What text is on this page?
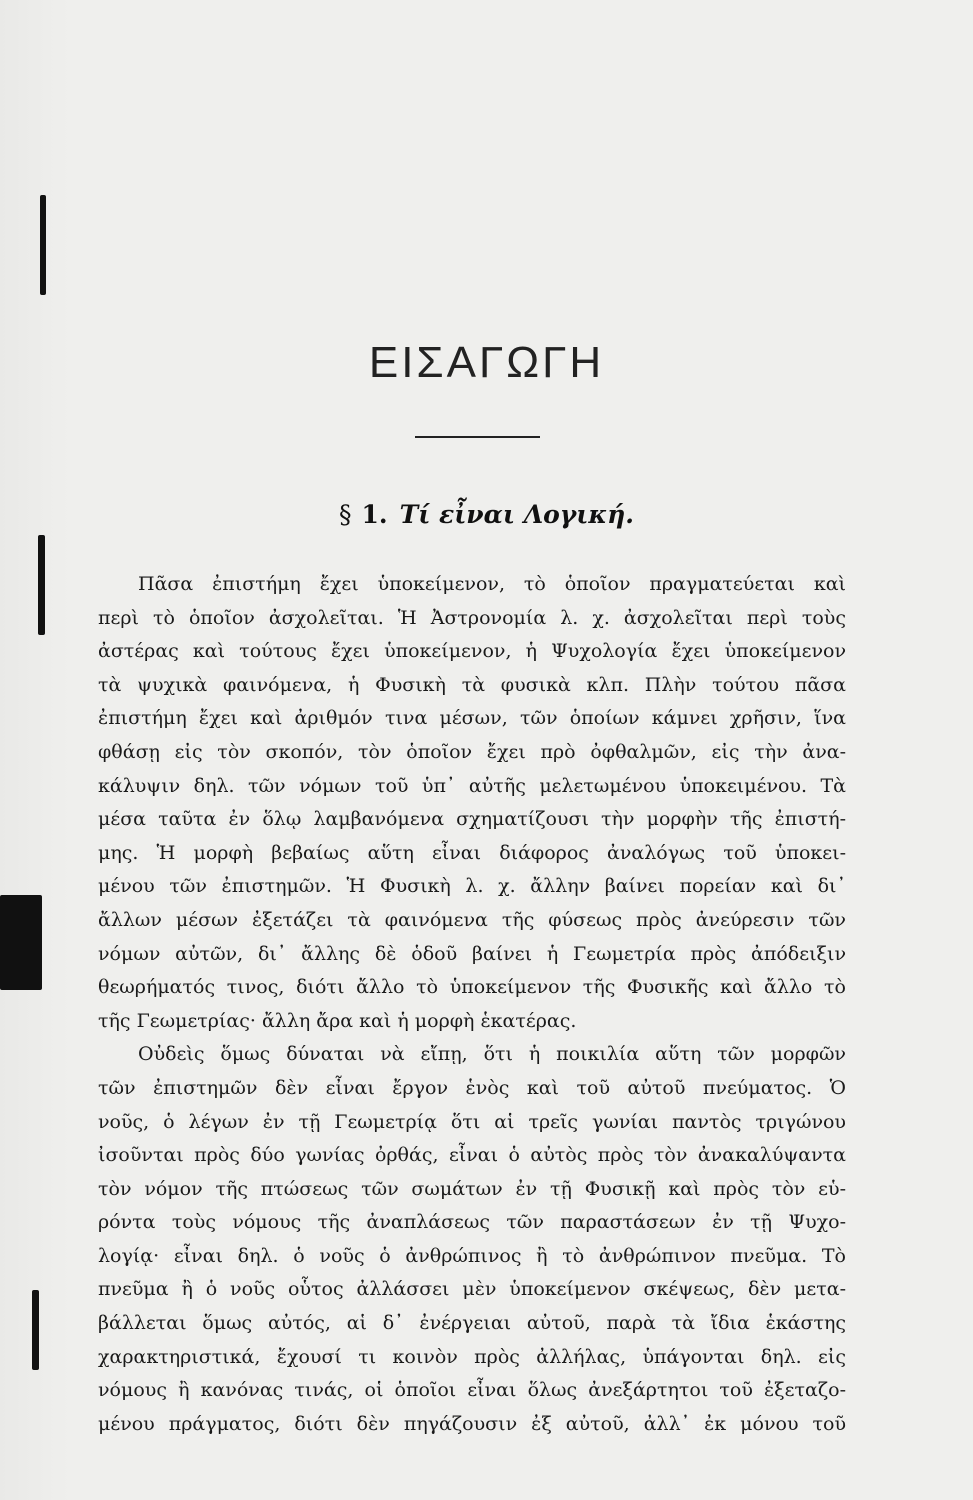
ΕΙΣΑΓΩΓΗ
§ 1. Τί εἶναι Λογική.
Πᾶσα ἐπιστήμη ἔχει ὑποκείμενον, τὸ ὁποῖον πραγματεύεται καὶ
περὶ τὸ ὁποῖον ἀσχολεῖται. Ἡ Ἀστρονομία λ. χ. ἀσχολεῖται περὶ τοὺς
ἀστέρας καὶ τούτους ἔχει ὑποκείμενον, ἡ Ψυχολογία ἔχει ὑποκείμενον
τὰ ψυχικὰ φαινόμενα, ἡ Φυσικὴ τὰ φυσικὰ κλπ. Πλὴν τούτου πᾶσα
ἐπιστήμη ἔχει καὶ ἀριθμόν τινα μέσων, τῶν ὁποίων κάμνει χρῆσιν, ἵνα
φθάσῃ εἰς τὸν σκοπόν, τὸν ὁποῖον ἔχει πρὸ ὀφθαλμῶν, εἰς τὴν ἀνα-
κάλυψιν δηλ. τῶν νόμων τοῦ ὑπ᾽ αὐτῆς μελετωμένου ὑποκειμένου. Τὰ
μέσα ταῦτα ἐν ὅλῳ λαμβανόμενα σχηματίζουσι τὴν μορφὴν τῆς ἐπιστή-
μης. Ἡ μορφὴ βεβαίως αὕτη εἶναι διάφορος ἀναλόγως τοῦ ὑποκει-
μένου τῶν ἐπιστημῶν. Ἡ Φυσικὴ λ. χ. ἄλλην βαίνει πορείαν καὶ δι᾽
ἄλλων μέσων ἐξετάζει τὰ φαινόμενα τῆς φύσεως πρὸς ἀνεύρεσιν τῶν
νόμων αὐτῶν, δι᾽ ἄλλης δὲ ὁδοῦ βαίνει ἡ Γεωμετρία πρὸς ἀπόδειξιν
θεωρήματός τινος, διότι ἄλλο τὸ ὑποκείμενον τῆς Φυσικῆς καὶ ἄλλο τὸ
τῆς Γεωμετρίας· ἄλλη ἄρα καὶ ἡ μορφὴ ἑκατέρας.
Οὐδεὶς ὅμως δύναται νὰ εἴπῃ, ὅτι ἡ ποικιλία αὕτη τῶν μορφῶν
τῶν ἐπιστημῶν δὲν εἶναι ἔργον ἑνὸς καὶ τοῦ αὐτοῦ πνεύματος. Ὁ
νοῦς, ὁ λέγων ἐν τῇ Γεωμετρίᾳ ὅτι αἱ τρεῖς γωνίαι παντὸς τριγώνου
ἰσοῦνται πρὸς δύο γωνίας ὀρθάς, εἶναι ὁ αὐτὸς πρὸς τὸν ἀνακαλύψαντα
τὸν νόμον τῆς πτώσεως τῶν σωμάτων ἐν τῇ Φυσικῇ καὶ πρὸς τὸν εὑ-
ρόντα τοὺς νόμους τῆς ἀναπλάσεως τῶν παραστάσεων ἐν τῇ Ψυχο-
λογίᾳ· εἶναι δηλ. ὁ νοῦς ὁ ἀνθρώπινος ἢ τὸ ἀνθρώπινον πνεῦμα. Τὸ
πνεῦμα ἢ ὁ νοῦς οὗτος ἀλλάσσει μὲν ὑποκείμενον σκέψεως, δὲν μετα-
βάλλεται ὅμως αὐτός, αἱ δ᾽ ἐνέργειαι αὐτοῦ, παρὰ τὰ ἴδια ἑκάστης
χαρακτηριστικά, ἔχουσί τι κοινὸν πρὸς ἀλλήλας, ὑπάγονται δηλ. εἰς
νόμους ἢ κανόνας τινάς, οἱ ὁποῖοι εἶναι ὅλως ἀνεξάρτητοι τοῦ ἐξεταζο-
μένου πράγματος, διότι δὲν πηγάζουσιν ἐξ αὐτοῦ, ἀλλ᾽ ἐκ μόνου τοῦ
